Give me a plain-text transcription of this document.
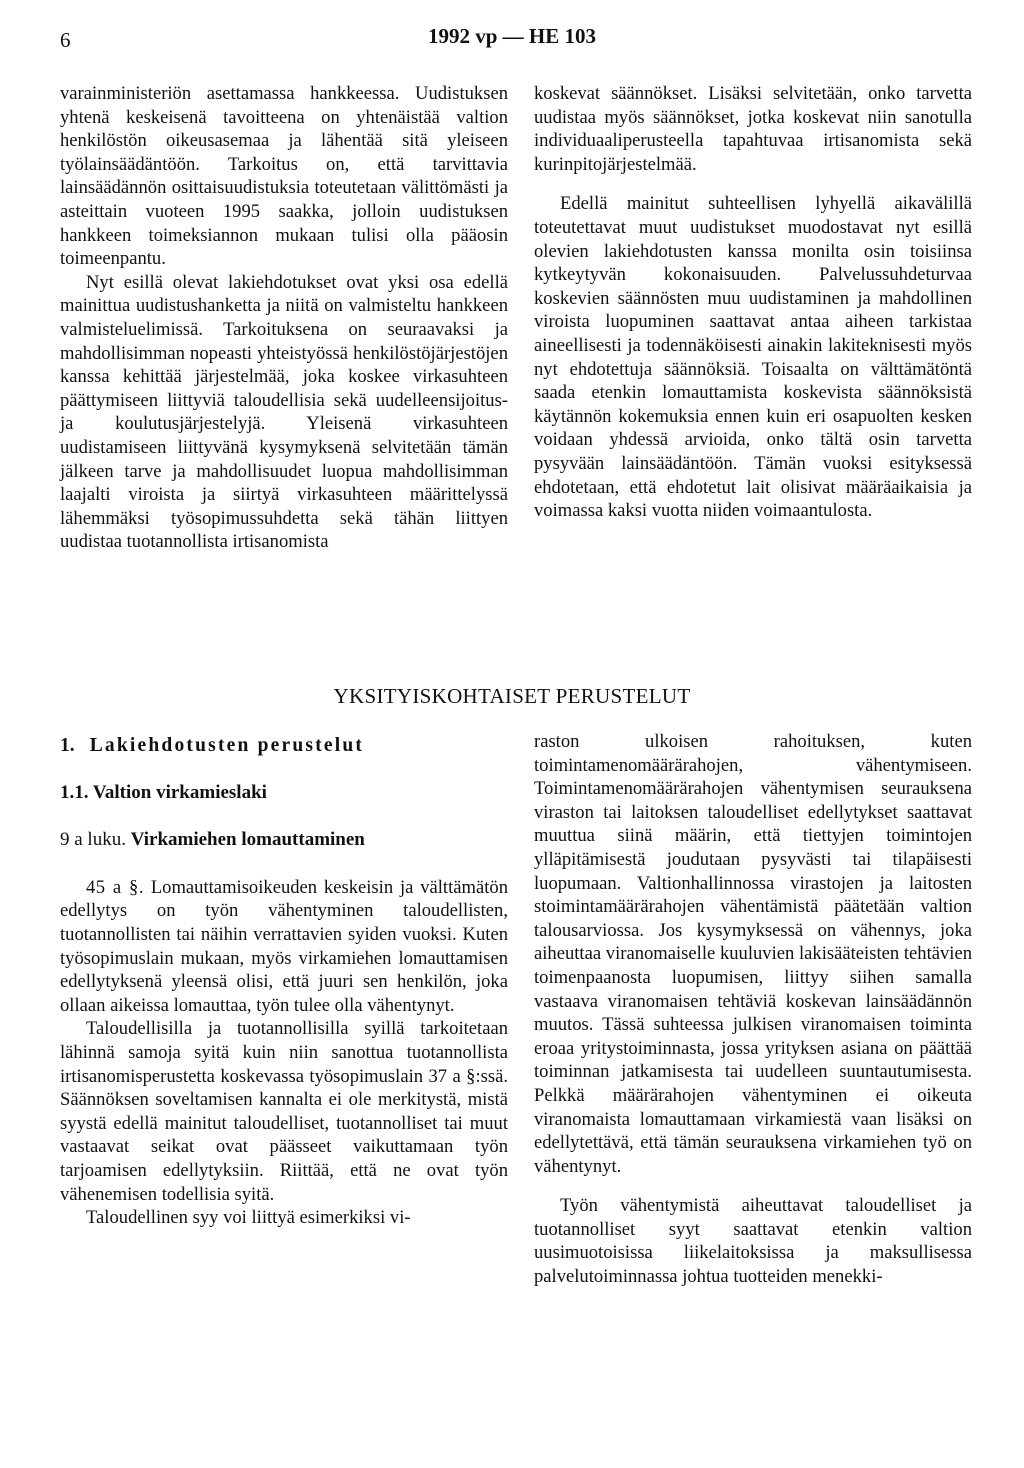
6	1992 vp — HE 103

varainministeriön asettamassa hankkeessa. Uudistuksen yhtenä keskeisenä tavoitteena on yhtenäistää valtion henkilöstön oikeusasemaa ja lähentää sitä yleiseen työlainsäädäntöön. Tarkoitus on, että tarvittavia lainsäädännön osittaisuudistuksia toteutetaan välittömästi ja asteittain vuoteen 1995 saakka, jolloin uudistuksen hankkeen toimeksiannon mukaan tulisi olla pääosin toimeenpantu.

Nyt esillä olevat lakiehdotukset ovat yksi osa edellä mainittua uudistushanketta ja niitä on valmisteltu hankkeen valmisteluelimissä. Tarkoituksena on seuraavaksi ja mahdollisimman nopeasti yhteistyössä henkilöstöjärjestöjen kanssa kehittää järjestelmää, joka koskee virkasuhteen päättymiseen liittyviä taloudellisia sekä uudelleensijoitus- ja koulutusjärjestelyjä. Yleisenä virkasuhteen uudistamiseen liittyvänä kysymyksenä selvitetään tämän jälkeen tarve ja mahdollisuudet luopua mahdollisimman laajalti viroista ja siirtyä virkasuhteen määrittelyssä lähemmäksi työsopimussuhdetta sekä tähän liittyen uudistaa tuotannollista irtisanomista

koskevat säännökset. Lisäksi selvitetään, onko tarvetta uudistaa myös säännökset, jotka koskevat niin sanotulla individuaaliperusteella tapahtuvaa irtisanomista sekä kurinpitojärjestelmää.

Edellä mainitut suhteellisen lyhyellä aikavälillä toteutettavat muut uudistukset muodostavat nyt esillä olevien lakiehdotusten kanssa monilta osin toisiinsa kytkeytyvän kokonaisuuden. Palvelussuhdeturvaa koskevien säännösten muu uudistaminen ja mahdollinen viroista luopuminen saattavat antaa aiheen tarkistaa aineellisesti ja todennäköisesti ainakin lakiteknisesti myös nyt ehdotettuja säännöksiä. Toisaalta on välttämätöntä saada etenkin lomauttamista koskevista säännöksistä käytännön kokemuksia ennen kuin eri osapuolten kesken voidaan yhdessä arvioida, onko tältä osin tarvetta pysyvään lainsäädäntöön. Tämän vuoksi esityksessä ehdotetaan, että ehdotetut lait olisivat määräaikaisia ja voimassa kaksi vuotta niiden voimaantulosta.

YKSITYISKOHTAISET PERUSTELUT
1. Lakiehdotusten perustelut
1.1. Valtion virkamieslaki
9 a luku. Virkamiehen lomauttaminen

45 a §. Lomauttamisoikeuden keskeisin ja välttämätön edellytys on työn vähentyminen taloudellisten, tuotannollisten tai näihin verrattavien syiden vuoksi. Kuten työsopimuslain mukaan, myös virkamiehen lomauttamisen edellytyksenä yleensä olisi, että juuri sen henkilön, joka ollaan aikeissa lomauttaa, työn tulee olla vähentynyt.

Taloudellisilla ja tuotannollisilla syillä tarkoitetaan lähinnä samoja syitä kuin niin sanottua tuotannollista irtisanomisperustetta koskevassa työsopimuslain 37 a §:ssä. Säännöksen soveltamisen kannalta ei ole merkitystä, mistä syystä edellä mainitut taloudelliset, tuotannolliset tai muut vastaavat seikat ovat päässeet vaikuttamaan työn tarjoamisen edellytyksiin. Riittää, että ne ovat työn vähenemisen todellisia syitä.

Taloudellinen syy voi liittyä esimerkiksi vi-

raston ulkoisen rahoituksen, kuten toimintamenomäärärahojen, vähentymiseen. Toimintamenomäärärahojen vähentymisen seurauksena viraston tai laitoksen taloudelliset edellytykset saattavat muuttua siinä määrin, että tiettyjen toimintojen ylläpitämisestä joudutaan pysyvästi tai tilapäisesti luopumaan. Valtionhallinnossa virastojen ja laitosten stoimintamäärärahojen vähentämistä päätetään valtion talousarviossa. Jos kysymyksessä on vähennys, joka aiheuttaa viranomaiselle kuuluvien lakisääteisten tehtävien toimenpaanosta luopumisen, liittyy siihen samalla vastaava viranomaisen tehtäviä koskevan lainsäädännön muutos. Tässä suhteessa julkisen viranomaisen toiminta eroaa yritystoiminnasta, jossa yrityksen asiana on päättää toiminnan jatkamisesta tai uudelleen suuntautumisesta. Pelkkä määrärahojen vähentyminen ei oikeuta viranomaista lomauttamaan virkamiestä vaan lisäksi on edellytettävä, että tämän seurauksena virkamiehen työ on vähentynyt.

Työn vähentymistä aiheuttavat taloudelliset ja tuotannolliset syyt saattavat etenkin valtion uusimuotoisissa liikelaitoksissa ja maksullisessa palvelutoiminnassa johtua tuotteiden menekki-
